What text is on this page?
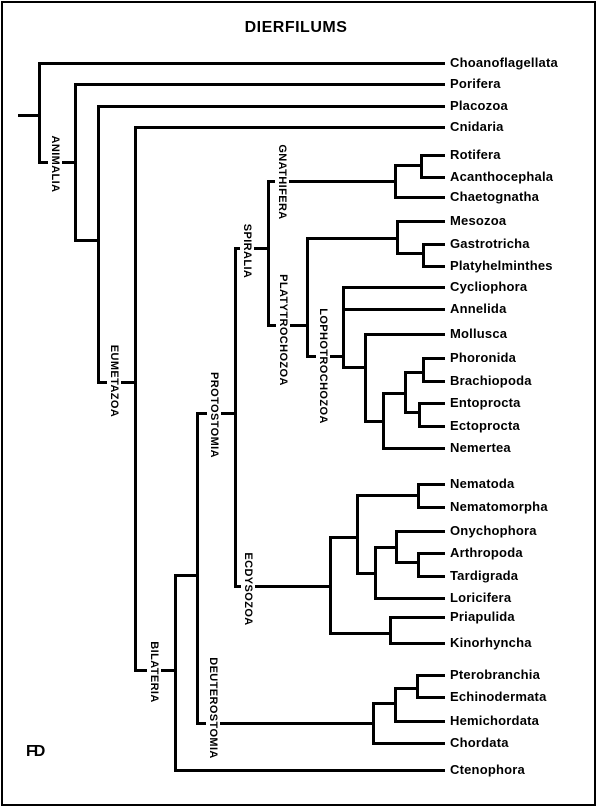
DIERFILUMS
Choanoflagellata
Porifera
Placozoa
Cnidaria
Rotifera
Acanthocephala
Chaetognatha
Mesozoa
Gastrotricha
Platyhelminthes
Cycliophora
Annelida
Mollusca
Phoronida
Brachiopoda
Entoprocta
Ectoprocta
Nemertea
Nematoda
Nematomorpha
Onychophora
Arthropoda
Tardigrada
Loricifera
Priapulida
Kinorhyncha
Pterobranchia
Echinodermata
Hemichordata
Chordata
Ctenophora
ANIMALIA
EUMETAZOA
BILATERIA
PROTOSTOMIA
DEUTEROSTOMIA
SPIRALIA
GNATHIFERA
PLATYTROCHOZOA	LOPHOTROCHOZOA
ECDYSOZOA
FD
